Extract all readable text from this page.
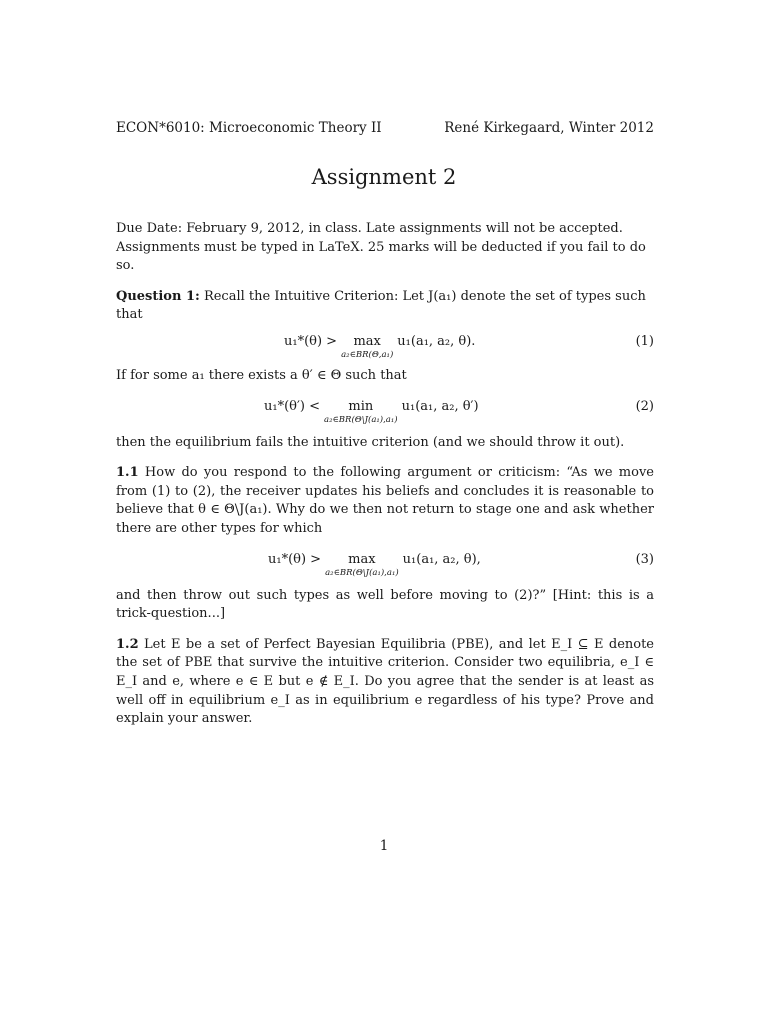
ECON*6010: Microeconomic Theory II	René Kirkegaard, Winter 2012
Assignment 2

Due Date: February 9, 2012, in class. Late assignments will not be accepted.

Assignments must be typed in LaTeX. 25 marks will be deducted if you fail to do so.

Question 1: Recall the Intuitive Criterion: Let J(a₁) denote the set of types such
that

u₁*(θ) > max
a₂∈BR(Θ,a₁)
u₁(a₁, a₂, θ).	(1)

If for some a₁ there exists a θ′ ∈ Θ such that

u₁*(θ′) < min
a₂∈BR(Θ\J(a₁),a₁)
u₁(a₁, a₂, θ′)	(2)

then the equilibrium fails the intuitive criterion (and we should throw it out).

1.1 How do you respond to the following argument or criticism: “As we move from (1) to (2), the receiver updates his beliefs and concludes it is reasonable to believe that θ ∈ Θ\J(a₁). Why do we then not return to stage one and ask whether there are other types for which

u₁*(θ) > max
a₂∈BR(Θ\J(a₁),a₁)
u₁(a₁, a₂, θ),	(3)

and then throw out such types as well before moving to (2)?” [Hint: this is a trick-question...]

1.2 Let E be a set of Perfect Bayesian Equilibria (PBE), and let E_I ⊆ E denote the set of PBE that survive the intuitive criterion. Consider two equilibria, e_I ∈ E_I and e, where e ∈ E but e ∉ E_I. Do you agree that the sender is at least as well off in equilibrium e_I as in equilibrium e regardless of his type? Prove and explain your answer.

1
